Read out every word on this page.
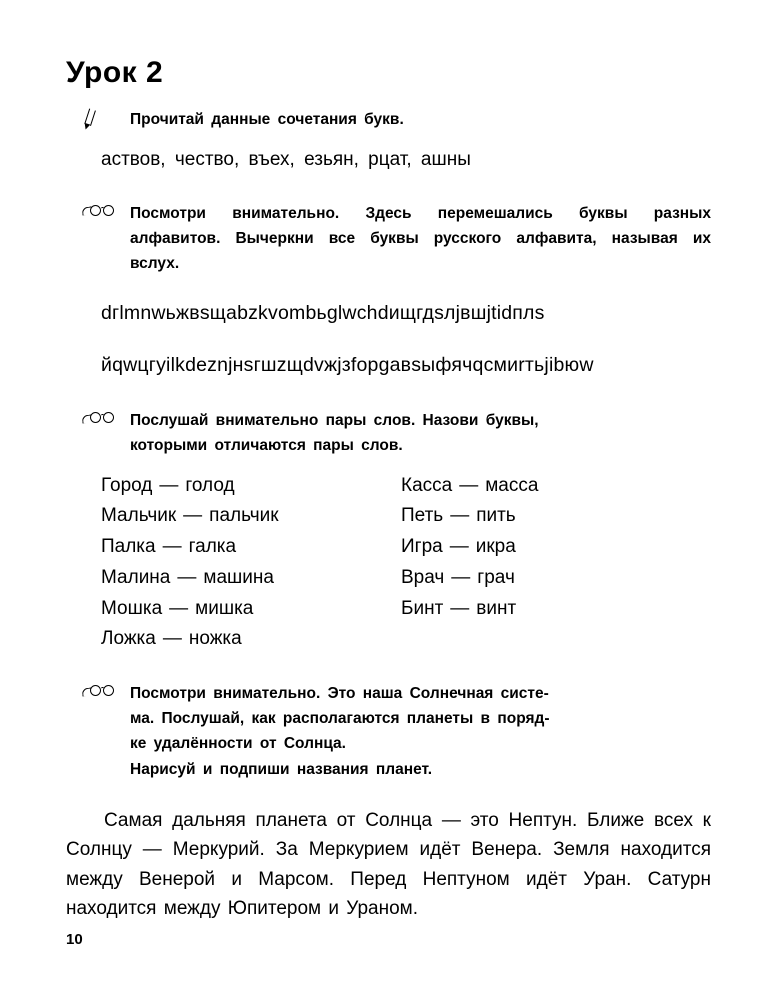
Урок 2

Прочитай данные сочетания букв.

аствов, чество, въех, езьян, рцат, ашны

Посмотри внимательно. Здесь перемешались буквы разных алфавитов. Вычеркни все буквы русского алфавита, называя их вслух.

dгlmnwьжвsщаbzkvombьglwchdищгдsлjвшjtіdплs
йqwцгуіlkdeznjнsгшzщdvжjзfорgавsыфячqсмиrтьjіbюw

Послушай внимательно пары слов. Назови буквы,

которыми отличаются пары слов.

Город — голод
Мальчик — пальчик
Палка — галка
Малина — машина
Мошка — мишка
Ложка — ножка
Касса — масса
Петь — пить
Игра — икра
Врач — грач
Бинт — винт

Посмотри внимательно. Это наша Солнечная систе-

ма. Послушай, как располагаются планеты в поряд-

ке удалённости от Солнца.

Нарисуй и подпиши названия планет.

Самая дальняя планета от Солнца — это Нептун. Ближе всех к Солнцу — Меркурий. За Меркурием идёт Венера. Земля находится между Венерой и Марсом. Перед Нептуном идёт Уран. Сатурн находится между Юпитером и Ураном.

10
